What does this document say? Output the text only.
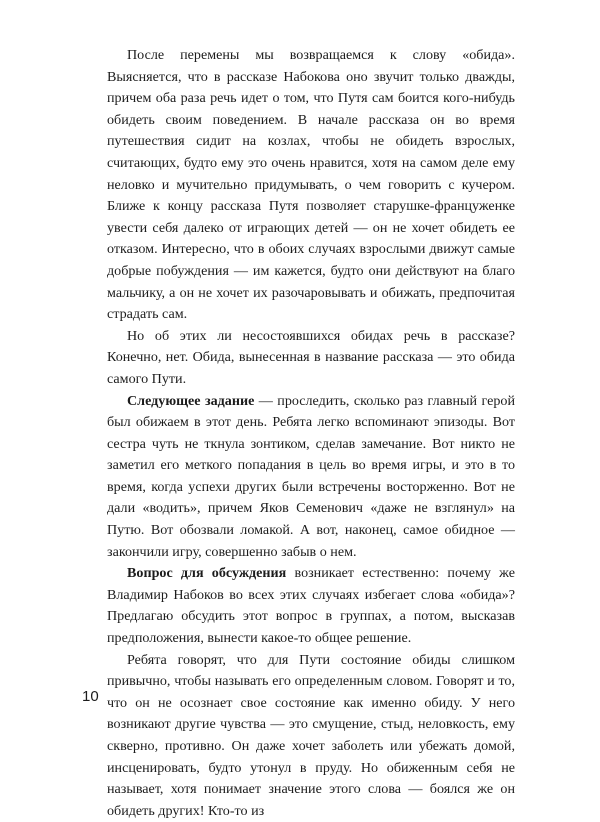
После перемены мы возвращаемся к слову «обида». Выясняется, что в рассказе Набокова оно звучит только дважды, причем оба раза речь идет о том, что Путя сам боится кого-нибудь обидеть своим поведением. В начале рассказа он во время путешествия сидит на козлах, чтобы не обидеть взрослых, считающих, будто ему это очень нравится, хотя на самом деле ему неловко и мучительно придумывать, о чем говорить с кучером. Ближе к концу рассказа Путя позволяет старушке-француженке увести себя далеко от играющих детей — он не хочет обидеть ее отказом. Интересно, что в обоих случаях взрослыми движут самые добрые побуждения — им кажется, будто они действуют на благо мальчику, а он не хочет их разочаровывать и обижать, предпочитая страдать сам.

Но об этих ли несостоявшихся обидах речь в рассказе? Конечно, нет. Обида, вынесенная в название рассказа — это обида самого Пути.

Следующее задание — проследить, сколько раз главный герой был обижаем в этот день. Ребята легко вспоминают эпизоды. Вот сестра чуть не ткнула зонтиком, сделав замечание. Вот никто не заметил его меткого попадания в цель во время игры, и это в то время, когда успехи других были встречены восторженно. Вот не дали «водить», причем Яков Семенович «даже не взглянул» на Путю. Вот обозвали ломакой. А вот, наконец, самое обидное — закончили игру, совершенно забыв о нем.

Вопрос для обсуждения возникает естественно: почему же Владимир Набоков во всех этих случаях избегает слова «обида»? Предлагаю обсудить этот вопрос в группах, а потом, высказав предположения, вынести какое-то общее решение.

Ребята говорят, что для Пути состояние обиды слишком привычно, чтобы называть его определенным словом. Говорят и то, что он не осознает свое состояние как именно обиду. У него возникают другие чувства — это смущение, стыд, неловкость, ему скверно, противно. Он даже хочет заболеть или убежать домой, инсценировать, будто утонул в пруду. Но обиженным себя не называет, хотя понимает значение этого слова — боялся же он обидеть других! Кто-то из

10
